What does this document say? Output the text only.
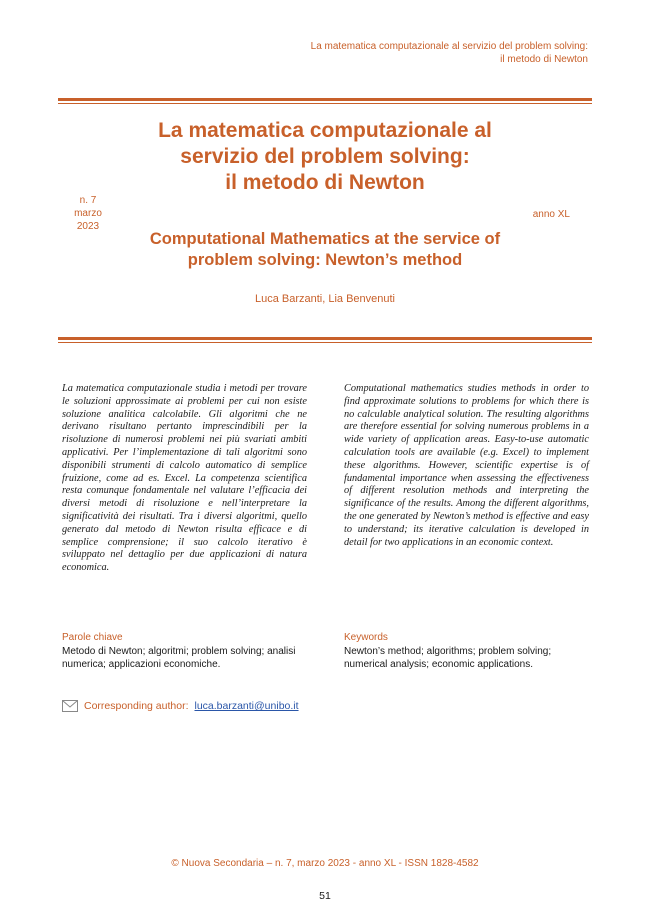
La matematica computazionale al servizio del problem solving:
il metodo di Newton
La matematica computazionale al
servizio del problem solving:
il metodo di Newton
n. 7
marzo
2023
anno XL
Computational Mathematics at the service of
problem solving: Newton’s method
Luca Barzanti, Lia Benvenuti
La matematica computazionale studia i metodi per trovare le soluzioni approssimate ai problemi per cui non esiste soluzione analitica calcolabile. Gli algoritmi che ne derivano risultano pertanto imprescindibili per la risoluzione di numerosi problemi nei più svariati ambiti applicativi. Per l’implementazione di tali algoritmi sono disponibili strumenti di calcolo automatico di semplice fruizione, come ad es. Excel. La competenza scientifica resta comunque fondamentale nel valutare l’efficacia dei diversi metodi di risoluzione e nell’interpretare la significatività dei risultati. Tra i diversi algoritmi, quello generato dal metodo di Newton risulta efficace e di semplice comprensione; il suo calcolo iterativo è sviluppato nel dettaglio per due applicazioni di natura economica.
Computational mathematics studies methods in order to find approximate solutions to problems for which there is no calculable analytical solution. The resulting algorithms are therefore essential for solving numerous problems in a wide variety of application areas. Easy-to-use automatic calculation tools are available (e.g. Excel) to implement these algorithms. However, scientific expertise is of fundamental importance when assessing the effectiveness of different resolution methods and interpreting the significance of the results. Among the different algorithms, the one generated by Newton’s method is effective and easy to understand; its iterative calculation is developed in detail for two applications in an economic context.
Parole chiave
Metodo di Newton; algoritmi; problem solving; analisi numerica; applicazioni economiche.
Keywords
Newton’s method; algorithms; problem solving; numerical analysis; economic applications.
Corresponding author: luca.barzanti@unibo.it
© Nuova Secondaria – n. 7, marzo 2023 - anno XL - ISSN 1828-4582
51
